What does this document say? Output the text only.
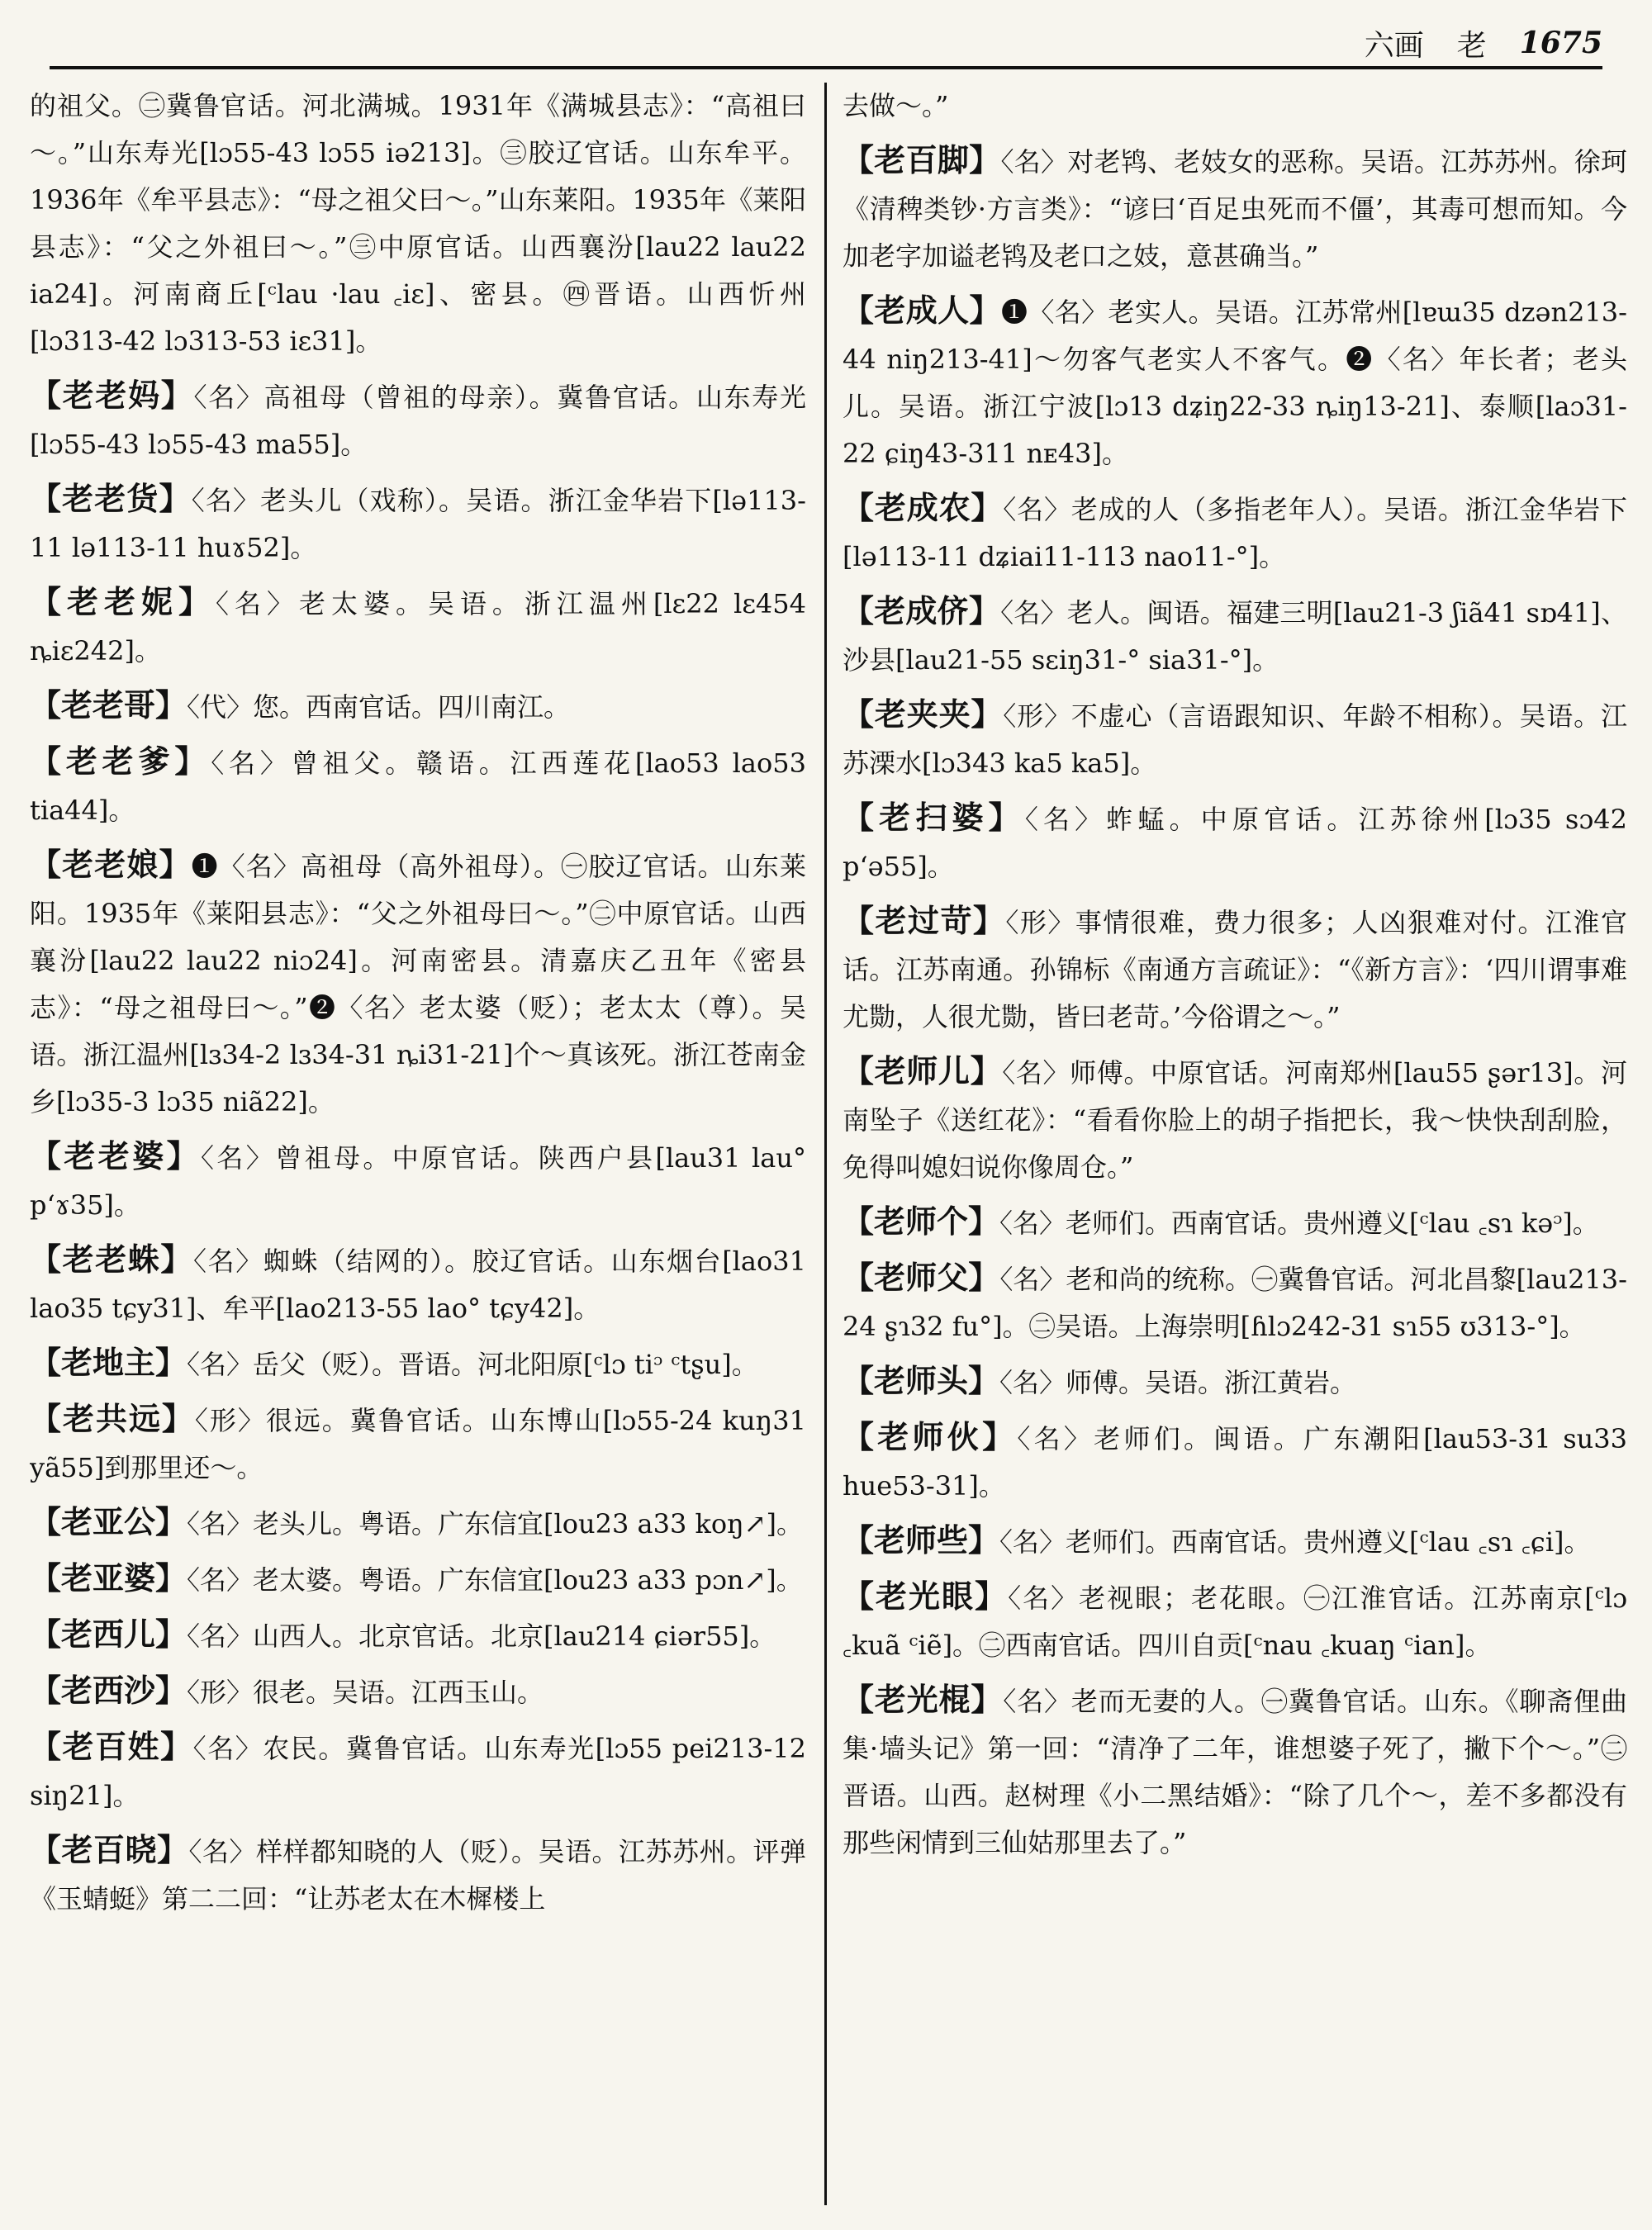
六画 老 1675
的祖父。㊁冀鲁官话。河北满城。1931年《满城县志》：“高祖曰～。”山东寿光[lɔ55-43 lɔ55 iə213]。㊂胶辽官话。山东牟平。1936年《牟平县志》：“母之祖父曰～。”山东莱阳。1935年《莱阳县志》：“父之外祖曰～。”㊂中原官话。山西襄汾[lau22 lau22 ia24]。河南商丘[ᶜlau ·lau ꜀iɛ]、密县。㊃晋语。山西忻州[lɔ313-42 lɔ313-53 iɛ31]。
【老老妈】〈名〉高祖母（曾祖的母亲）。冀鲁官话。山东寿光[lɔ55-43 lɔ55-43 ma55]。
【老老货】〈名〉老头儿（戏称）。吴语。浙江金华岩下[lə113-11 lə113-11 huɤ52]。
【老老妮】〈名〉老太婆。吴语。浙江温州[lɛ22 lɛ454 ȵiɛ242]。
【老老哥】〈代〉您。西南官话。四川南江。
【老老爹】〈名〉曾祖父。赣语。江西莲花[lao53 lao53 tia44]。
【老老娘】❶〈名〉高祖母（高外祖母）。㊀胶辽官话。山东莱阳。1935年《莱阳县志》：“父之外祖母曰～。”㊁中原官话。山西襄汾[lau22 lau22 niɔ24]。河南密县。清嘉庆乙丑年《密县志》：“母之祖母曰～。”❷〈名〉老太婆（贬）；老太太（尊）。吴语。浙江温州[lɜ34-2 lɜ34-31 ȵi31-21]个～真该死。浙江苍南金乡[lɔ35-3 lɔ35 niã22]。
【老老婆】〈名〉曾祖母。中原官话。陕西户县[lau31 lau° p‘ɤ35]。
【老老蛛】〈名〉蜘蛛（结网的）。胶辽官话。山东烟台[lao31 lao35 tɕy31]、牟平[lao213-55 lao° tɕy42]。
【老地主】〈名〉岳父（贬）。晋语。河北阳原[ᶜlɔ tiᵓ ᶜtʂu]。
【老共远】〈形〉很远。冀鲁官话。山东博山[lɔ55-24 kuŋ31 yã55]到那里还～。
【老亚公】〈名〉老头儿。粤语。广东信宜[lou23 a33 koŋ↗]。
【老亚婆】〈名〉老太婆。粤语。广东信宜[lou23 a33 pɔn↗]。
【老西儿】〈名〉山西人。北京官话。北京[lau214 ɕiər55]。
【老西沙】〈形〉很老。吴语。江西玉山。
【老百姓】〈名〉农民。冀鲁官话。山东寿光[lɔ55 pei213-12 siŋ21]。
【老百晓】〈名〉样样都知晓的人（贬）。吴语。江苏苏州。评弹《玉蜻蜓》第二二回：“让苏老太在木樨楼上
去做～。”
【老百脚】〈名〉对老鸨、老妓女的恶称。吴语。江苏苏州。徐珂《清稗类钞·方言类》：“谚曰‘百足虫死而不僵’，其毒可想而知。今加老字加谥老鸨及老口之妓，意甚确当。”
【老成人】❶〈名〉老实人。吴语。江苏常州[lɐɯ35 dzən213-44 niŋ213-41]～勿客气老实人不客气。❷〈名〉年长者；老头儿。吴语。浙江宁波[lɔ13 dʑiŋ22-33 ȵiŋ13-21]、泰顺[laɔ31-22 ɕiŋ43-311 nᴇ43]。
【老成农】〈名〉老成的人（多指老年人）。吴语。浙江金华岩下[lə113-11 dʑiai11-113 nao11-°]。
【老成侪】〈名〉老人。闽语。福建三明[lau21-3 ʃiã41 sɒ41]、沙县[lau21-55 sɛiŋ31-° sia31-°]。
【老夹夹】〈形〉不虚心（言语跟知识、年龄不相称）。吴语。江苏溧水[lɔ343 ka5 ka5]。
【老扫婆】〈名〉蚱蜢。中原官话。江苏徐州[lɔ35 sɔ42 p‘ə55]。
【老过苛】〈形〉事情很难，费力很多；人凶狠难对付。江淮官话。江苏南通。孙锦标《南通方言疏证》：“《新方言》：‘四川谓事难尤勚，人很尤勚，皆曰老苛。’今俗谓之～。”
【老师儿】〈名〉师傅。中原官话。河南郑州[lau55 ʂər13]。河南坠子《送红花》：“看看你脸上的胡子指把长，我～快快刮刮脸，免得叫媳妇说你像周仓。”
【老师个】〈名〉老师们。西南官话。贵州遵义[ᶜlau ꜀sɿ kəᵓ]。
【老师父】〈名〉老和尚的统称。㊀冀鲁官话。河北昌黎[lau213-24 ʂɿ32 fu°]。㊁吴语。上海崇明[ɦlɔ242-31 sɿ55 ʊ313-°]。
【老师头】〈名〉师傅。吴语。浙江黄岩。
【老师伙】〈名〉老师们。闽语。广东潮阳[lau53-31 su33 hue53-31]。
【老师些】〈名〉老师们。西南官话。贵州遵义[ᶜlau ꜀sɿ ꜀ɕi]。
【老光眼】〈名〉老视眼；老花眼。㊀江淮官话。江苏南京[ᶜlɔ ꜀kuã ᶜiẽ]。㊁西南官话。四川自贡[ᶜnau ꜀kuaŋ ᶜian]。
【老光棍】〈名〉老而无妻的人。㊀冀鲁官话。山东。《聊斋俚曲集·墙头记》第一回：“清净了二年，谁想婆子死了，撇下个～。”㊁晋语。山西。赵树理《小二黑结婚》：“除了几个～，差不多都没有那些闲情到三仙姑那里去了。”
